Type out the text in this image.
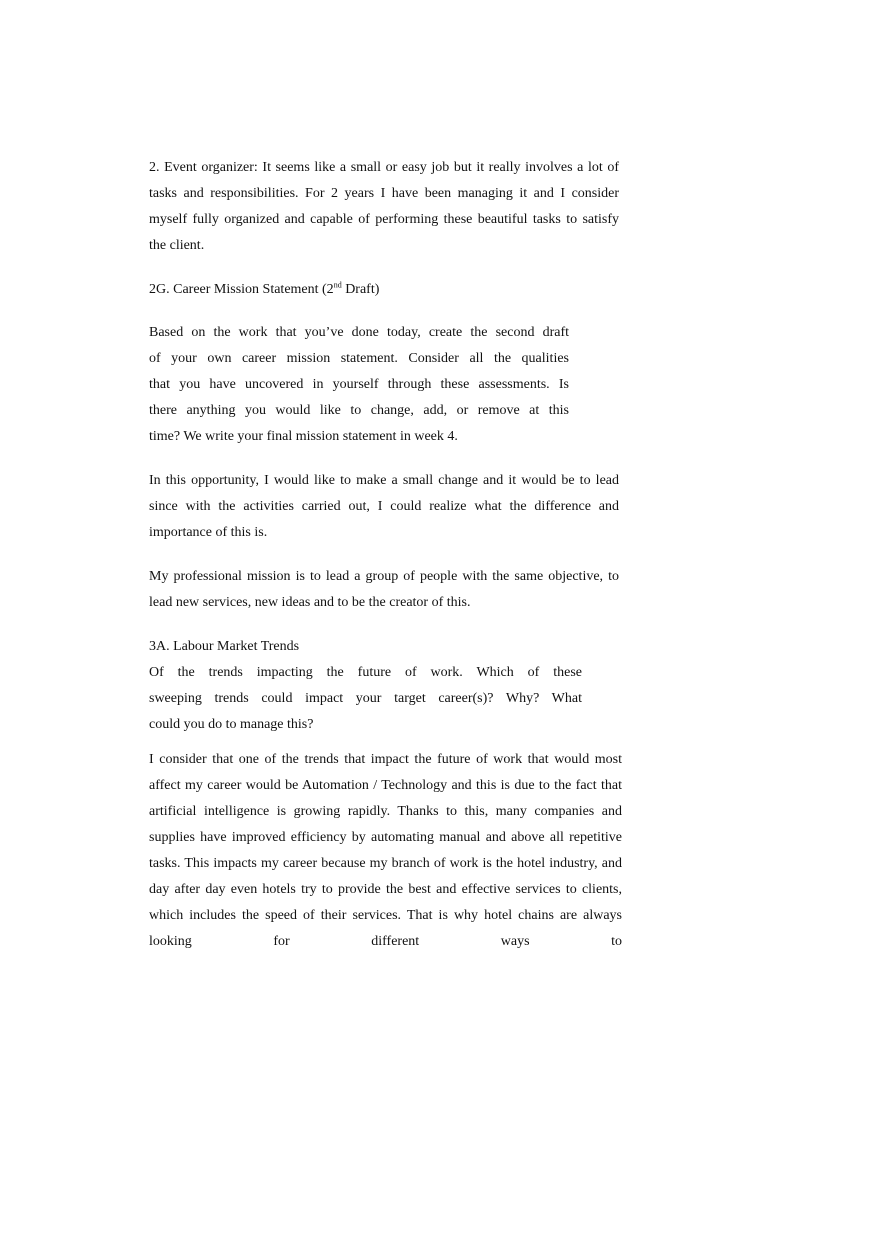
2. Event organizer: It seems like a small or easy job but it really involves a lot of tasks and responsibilities. For 2 years I have been managing it and I consider myself fully organized and capable of performing these beautiful tasks to satisfy the client.

2G. Career Mission Statement (2nd Draft)

Based on the work that you’ve done today, create the second draft
of your own career mission statement. Consider all the qualities
that you have uncovered in yourself through these assessments. Is
there anything you would like to change, add, or remove at this
time? We write your final mission statement in week 4.

In this opportunity, I would like to make a small change and it would be to lead since with the activities carried out, I could realize what the difference and importance of this is.

My professional mission is to lead a group of people with the same objective, to lead new services, new ideas and to be the creator of this.

3A. Labour Market Trends

Of the trends impacting the future of work. Which of these
sweeping trends could impact your target career(s)? Why? What
could you do to manage this?

I consider that one of the trends that impact the future of work that would most affect my career would be Automation / Technology and this is due to the fact that artificial intelligence is growing rapidly. Thanks to this, many companies and supplies have improved efficiency by automating manual and above all repetitive tasks. This impacts my career because my branch of work is the hotel industry, and day after day even hotels try to provide the best and effective services to clients, which includes the speed of their services. That is why hotel chains are always looking for different ways to
